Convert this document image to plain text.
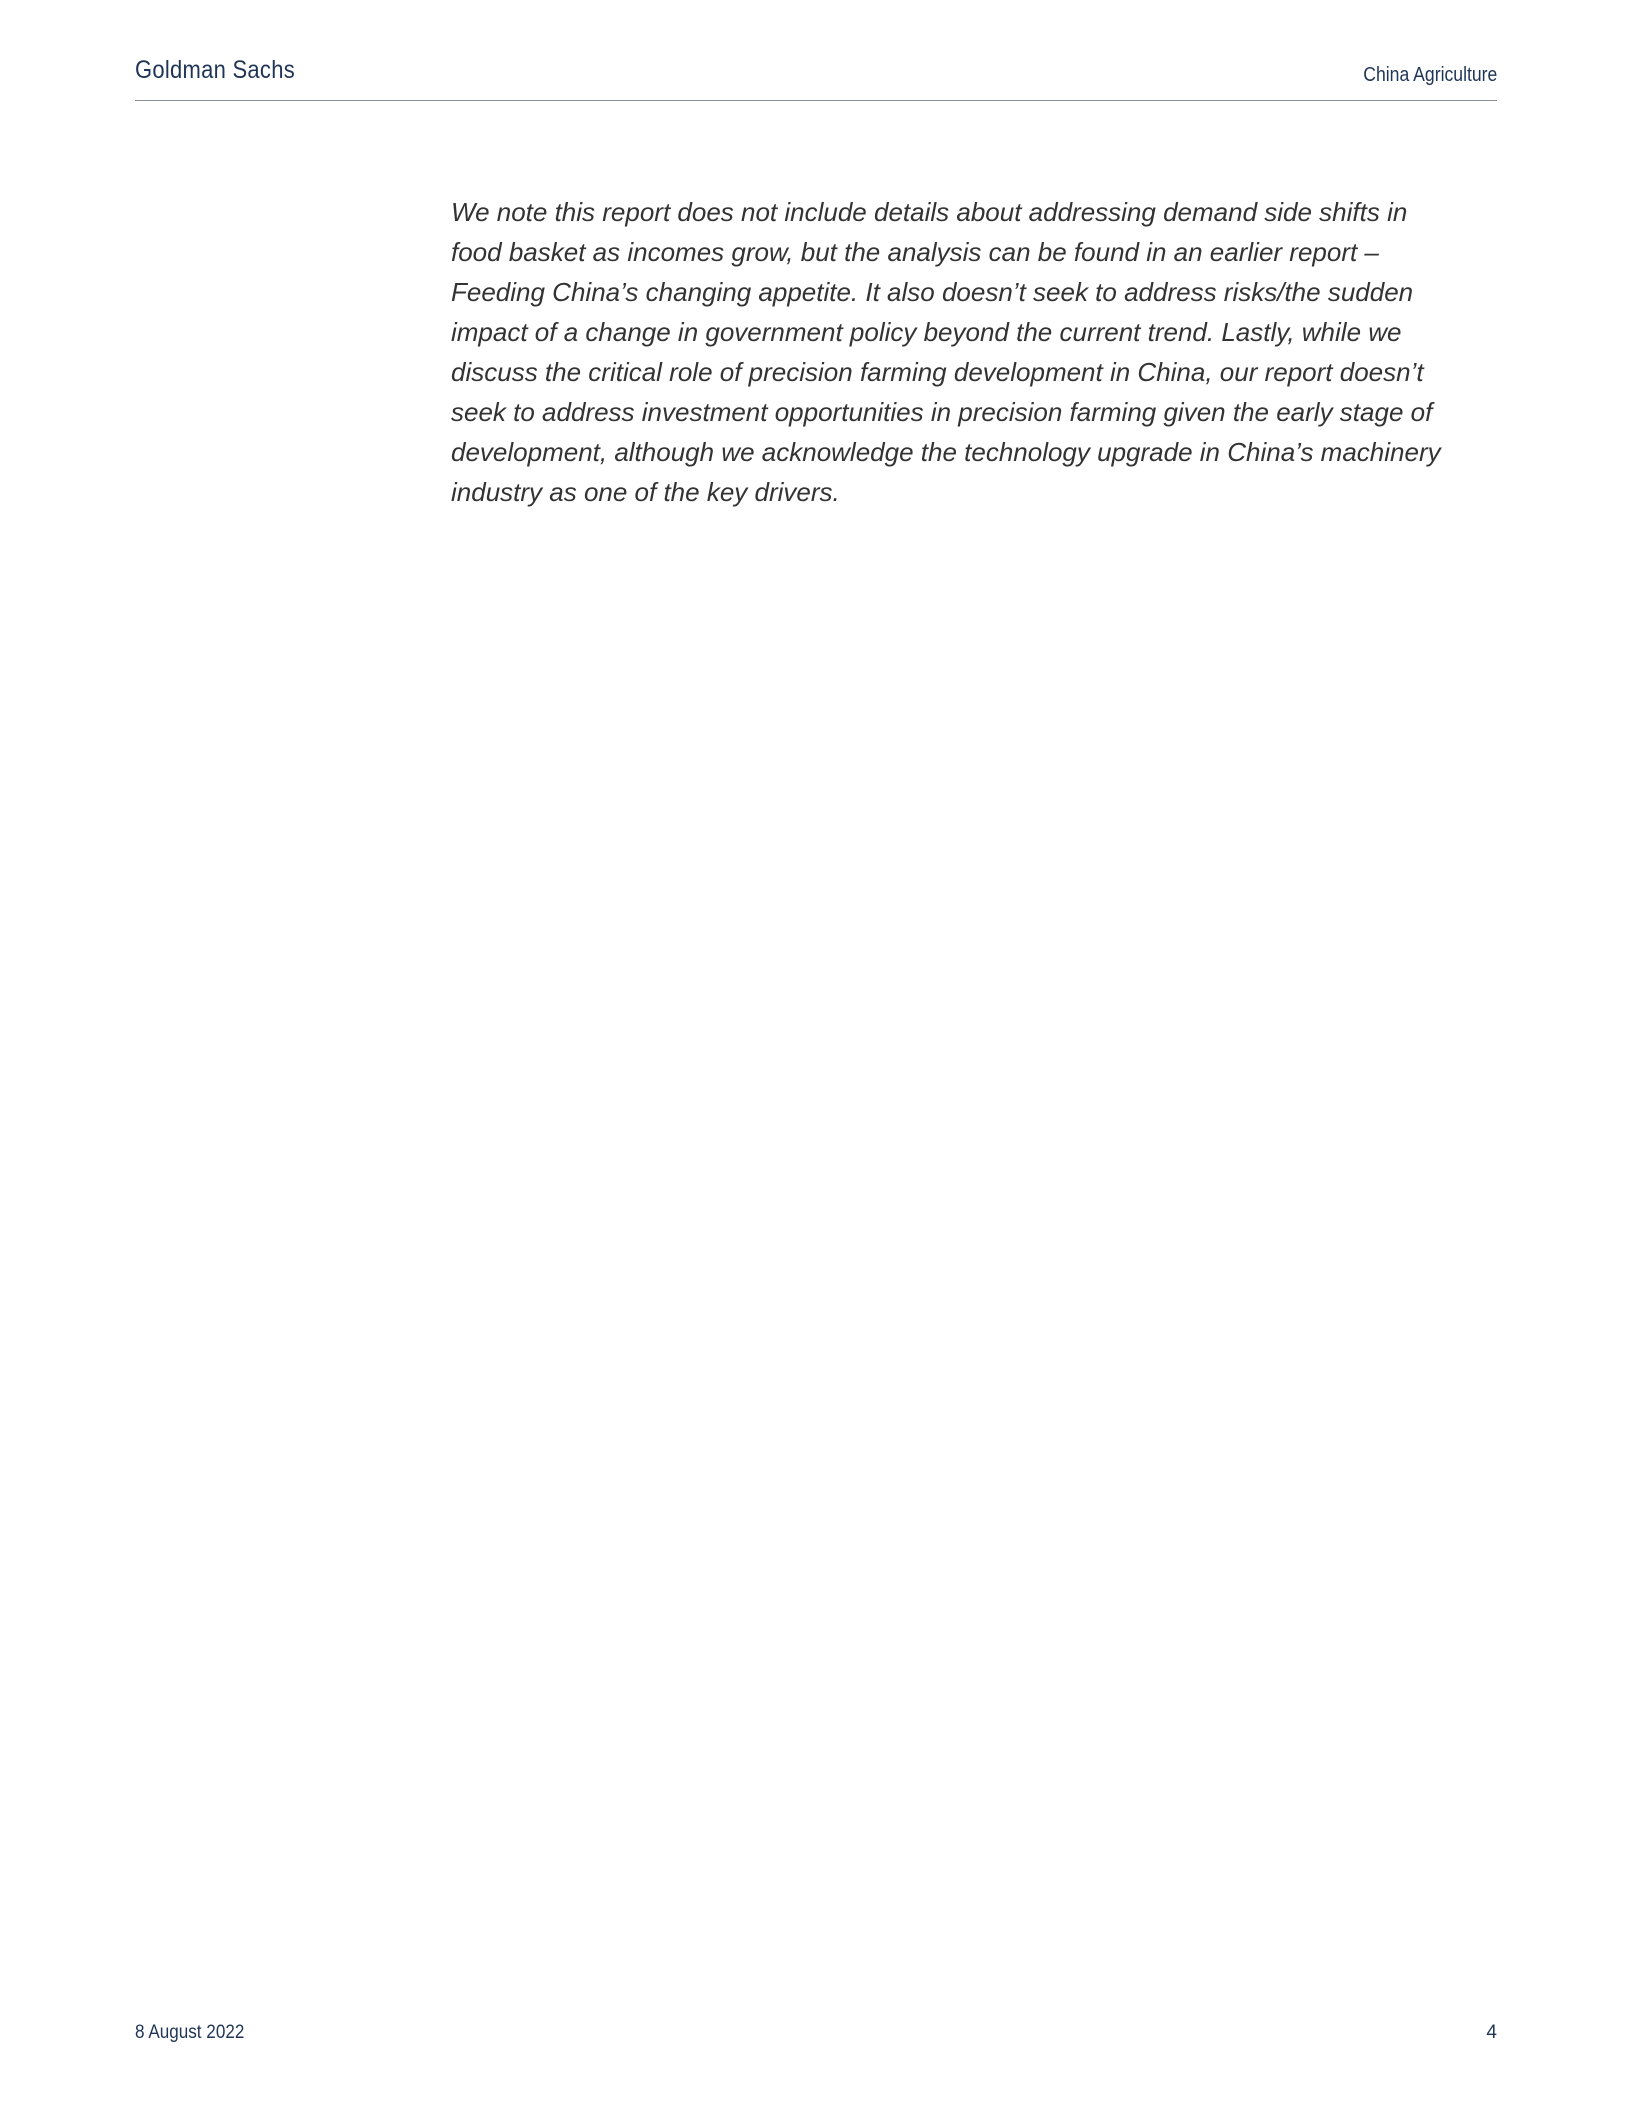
Goldman Sachs	China Agriculture
We note this report does not include details about addressing demand side shifts in
food basket as incomes grow, but the analysis can be found in an earlier report –
Feeding China’s changing appetite. It also doesn’t seek to address risks/the sudden
impact of a change in government policy beyond the current trend. Lastly, while we
discuss the critical role of precision farming development in China, our report doesn’t
seek to address investment opportunities in precision farming given the early stage of
development, although we acknowledge the technology upgrade in China’s machinery
industry as one of the key drivers.
8 August 2022	4
